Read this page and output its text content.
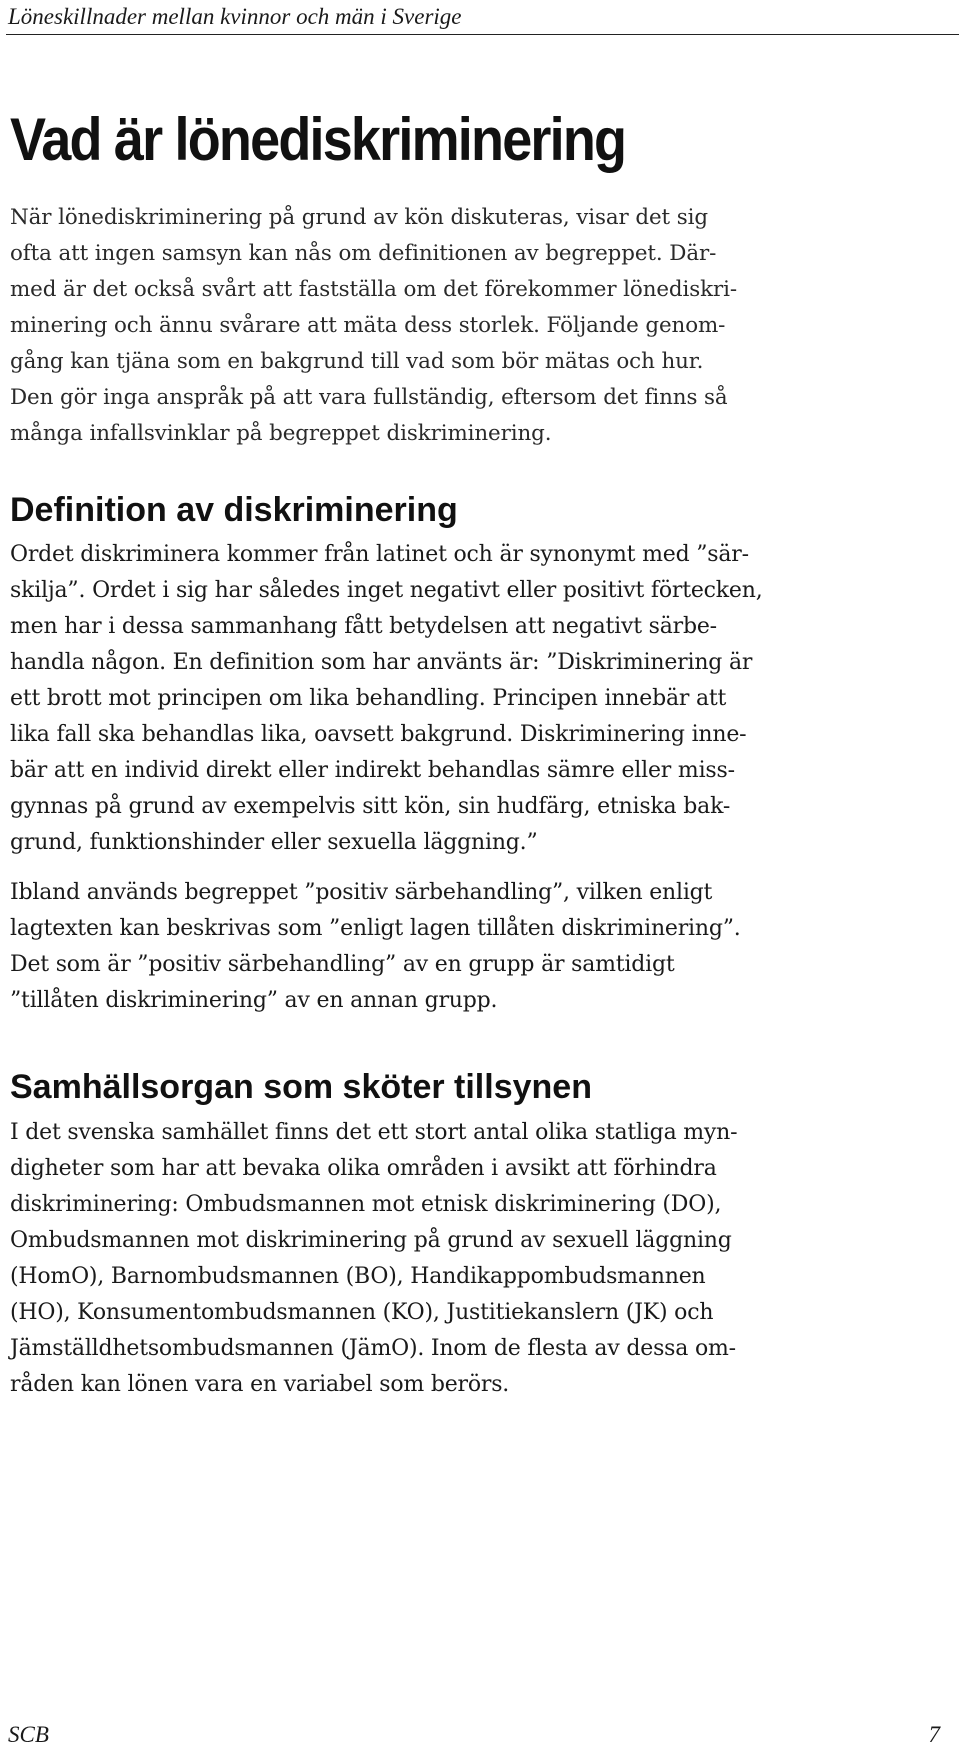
Löneskillnader mellan kvinnor och män i Sverige
Vad är lönediskriminering

När lönediskriminering på grund av kön diskuteras, visar det sig
ofta att ingen samsyn kan nås om definitionen av begreppet. Där-
med är det också svårt att fastställa om det förekommer lönediskri-
minering och ännu svårare att mäta dess storlek. Följande genom-
gång kan tjäna som en bakgrund till vad som bör mätas och hur.
Den gör inga anspråk på att vara fullständig, eftersom det finns så
många infallsvinklar på begreppet diskriminering.

Definition av diskriminering

Ordet diskriminera kommer från latinet och är synonymt med ”sär-
skilja”. Ordet i sig har således inget negativt eller positivt förtecken,
men har i dessa sammanhang fått betydelsen att negativt särbe-
handla någon. En definition som har använts är: ”Diskriminering är
ett brott mot principen om lika behandling. Principen innebär att
lika fall ska behandlas lika, oavsett bakgrund. Diskriminering inne-
bär att en individ direkt eller indirekt behandlas sämre eller miss-
gynnas på grund av exempelvis sitt kön, sin hudfärg, etniska bak-
grund, funktionshinder eller sexuella läggning.”

Ibland används begreppet ”positiv särbehandling”, vilken enligt
lagtexten kan beskrivas som ”enligt lagen tillåten diskriminering”.
Det som är ”positiv särbehandling” av en grupp är samtidigt
”tillåten diskriminering” av en annan grupp.

Samhällsorgan som sköter tillsynen

I det svenska samhället finns det ett stort antal olika statliga myn-
digheter som har att bevaka olika områden i avsikt att förhindra
diskriminering: Ombudsmannen mot etnisk diskriminering (DO),
Ombudsmannen mot diskriminering på grund av sexuell läggning
(HomO), Barnombudsmannen (BO), Handikappombudsmannen
(HO), Konsumentombudsmannen (KO), Justitiekanslern (JK) och
Jämställdhetsombudsmannen (JämO). Inom de flesta av dessa om-
råden kan lönen vara en variabel som berörs.

SCB	7
